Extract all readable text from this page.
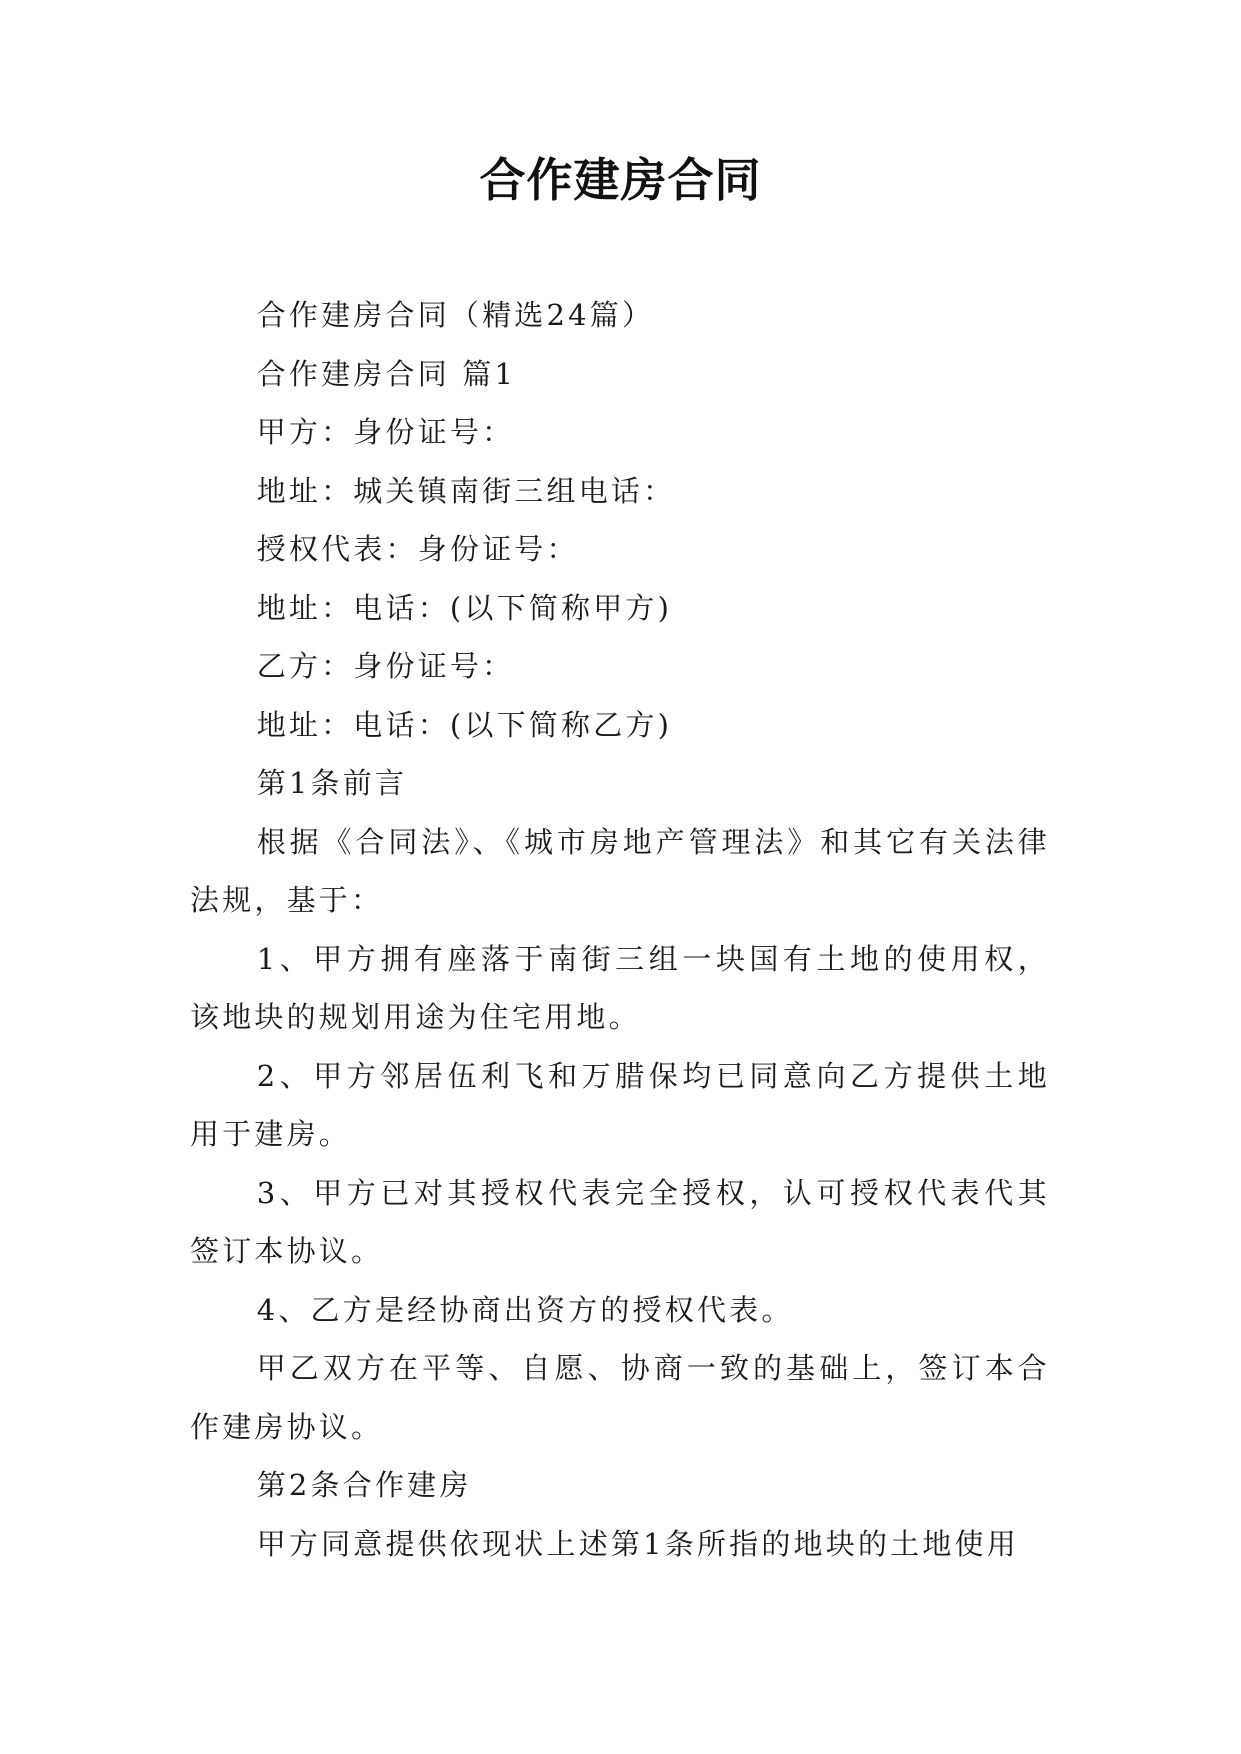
合作建房合同

合作建房合同（精选24篇）

合作建房合同 篇1

甲方：身份证号：

地址：城关镇南街三组电话：

授权代表：身份证号：

地址：电话：(以下简称甲方)

乙方：身份证号：

地址：电话：(以下简称乙方)

第1条前言

根据《合同法》、《城市房地产管理法》和其它有关法律法规，基于：

1、甲方拥有座落于南街三组一块国有土地的使用权，该地块的规划用途为住宅用地。

2、甲方邻居伍利飞和万腊保均已同意向乙方提供土地用于建房。

3、甲方已对其授权代表完全授权，认可授权代表代其签订本协议。

4、乙方是经协商出资方的授权代表。

甲乙双方在平等、自愿、协商一致的基础上，签订本合作建房协议。

第2条合作建房

甲方同意提供依现状上述第1条所指的地块的土地使用
